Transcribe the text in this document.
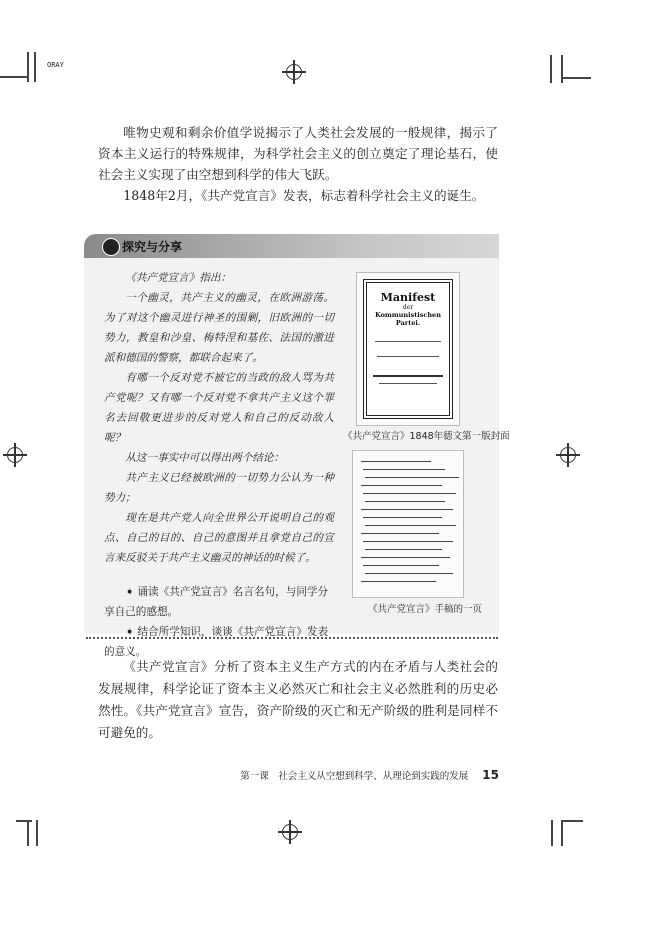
ORAY

唯物史观和剩余价值学说揭示了人类社会发展的一般规律，揭示了资本主义运行的特殊规律，为科学社会主义的创立奠定了理论基石，使社会主义实现了由空想到科学的伟大飞跃。

1848年2月，《共产党宣言》发表，标志着科学社会主义的诞生。

探究与分享

《共产党宣言》指出：

一个幽灵，共产主义的幽灵，在欧洲游荡。为了对这个幽灵进行神圣的围剿，旧欧洲的一切势力，教皇和沙皇、梅特涅和基佐、法国的激进派和德国的警察，都联合起来了。

有哪一个反对党不被它的当政的敌人骂为共产党呢？又有哪一个反对党不拿共产主义这个罪名去回敬更进步的反对党人和自己的反动敌人呢？

从这一事实中可以得出两个结论：

共产主义已经被欧洲的一切势力公认为一种势力；

现在是共产党人向全世界公开说明自己的观点、自己的目的、自己的意图并且拿党自己的宣言来反驳关于共产主义幽灵的神话的时候了。

➧ 诵读《共产党宣言》名言名句，与同学分享自己的感想。

➧ 结合所学知识，谈谈《共产党宣言》发表的意义。

Manifest
der
Kommunistischen Partei.
《共产党宣言》1848年德文第一版封面
《共产党宣言》手稿的一页

《共产党宣言》分析了资本主义生产方式的内在矛盾与人类社会的发展规律，科学论证了资本主义必然灭亡和社会主义必然胜利的历史必然性。《共产党宣言》宣告，资产阶级的灭亡和无产阶级的胜利是同样不可避免的。

第一课　社会主义从空想到科学、从理论到实践的发展 15
